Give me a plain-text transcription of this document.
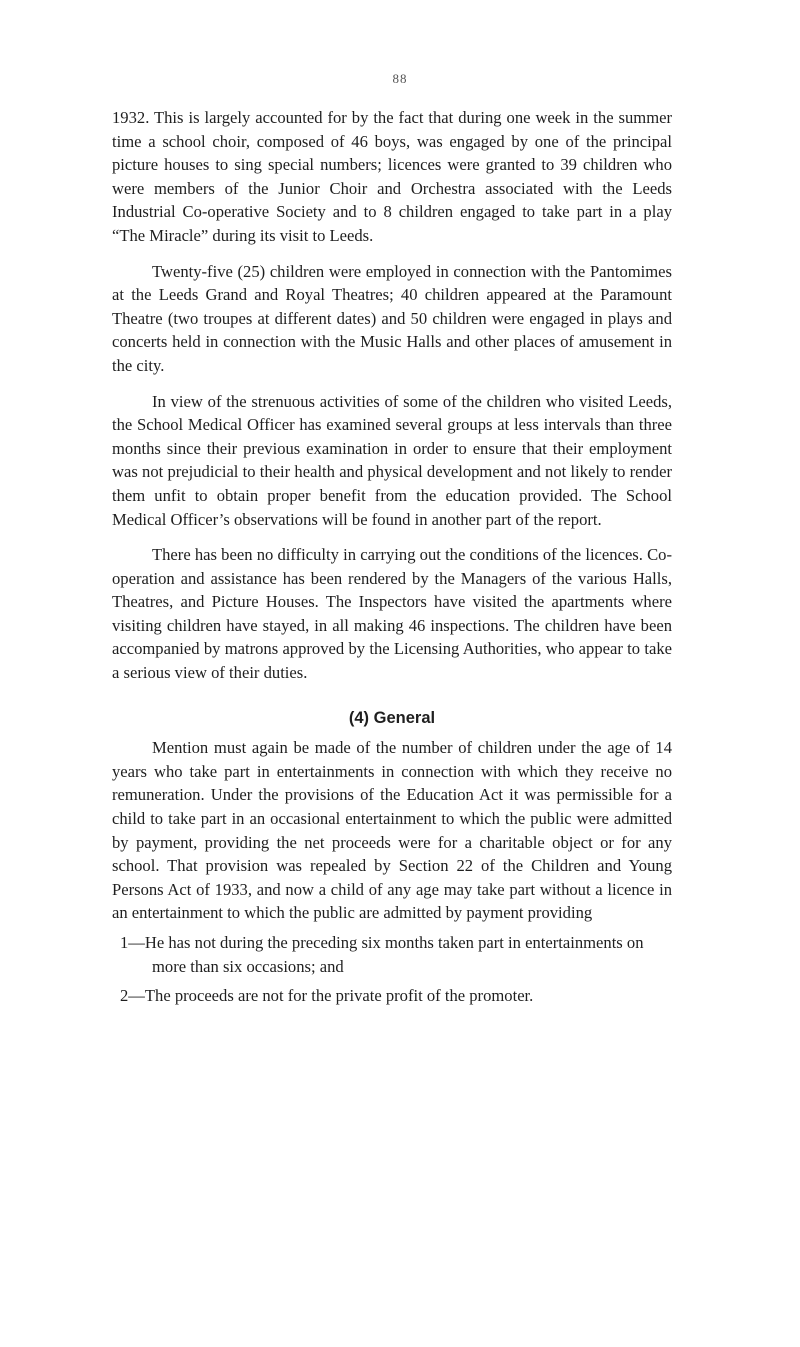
88

1932. This is largely accounted for by the fact that during one week in the summer time a school choir, composed of 46 boys, was engaged by one of the principal picture houses to sing special numbers; licences were granted to 39 children who were members of the Junior Choir and Orchestra associated with the Leeds Industrial Co-operative Society and to 8 children engaged to take part in a play “The Miracle” during its visit to Leeds.

Twenty-five (25) children were employed in connection with the Pantomimes at the Leeds Grand and Royal Theatres; 40 children appeared at the Paramount Theatre (two troupes at different dates) and 50 children were engaged in plays and concerts held in connection with the Music Halls and other places of amusement in the city.

In view of the strenuous activities of some of the children who visited Leeds, the School Medical Officer has examined several groups at less intervals than three months since their previous examination in order to ensure that their employment was not prejudicial to their health and physical development and not likely to render them unfit to obtain proper benefit from the education provided. The School Medical Officer’s observations will be found in another part of the report.

There has been no difficulty in carrying out the conditions of the licences. Co-operation and assistance has been rendered by the Managers of the various Halls, Theatres, and Picture Houses. The Inspectors have visited the apartments where visiting children have stayed, in all making 46 inspections. The children have been accompanied by matrons approved by the Licensing Authorities, who appear to take a serious view of their duties.

(4) General

Mention must again be made of the number of children under the age of 14 years who take part in entertainments in connection with which they receive no remuneration. Under the provisions of the Education Act it was permissible for a child to take part in an occasional entertainment to which the public were admitted by payment, providing the net proceeds were for a charitable object or for any school. That provision was repealed by Section 22 of the Children and Young Persons Act of 1933, and now a child of any age may take part without a licence in an entertainment to which the public are admitted by payment providing

1—He has not during the preceding six months taken part in entertainments on more than six occasions; and

2—The proceeds are not for the private profit of the promoter.
